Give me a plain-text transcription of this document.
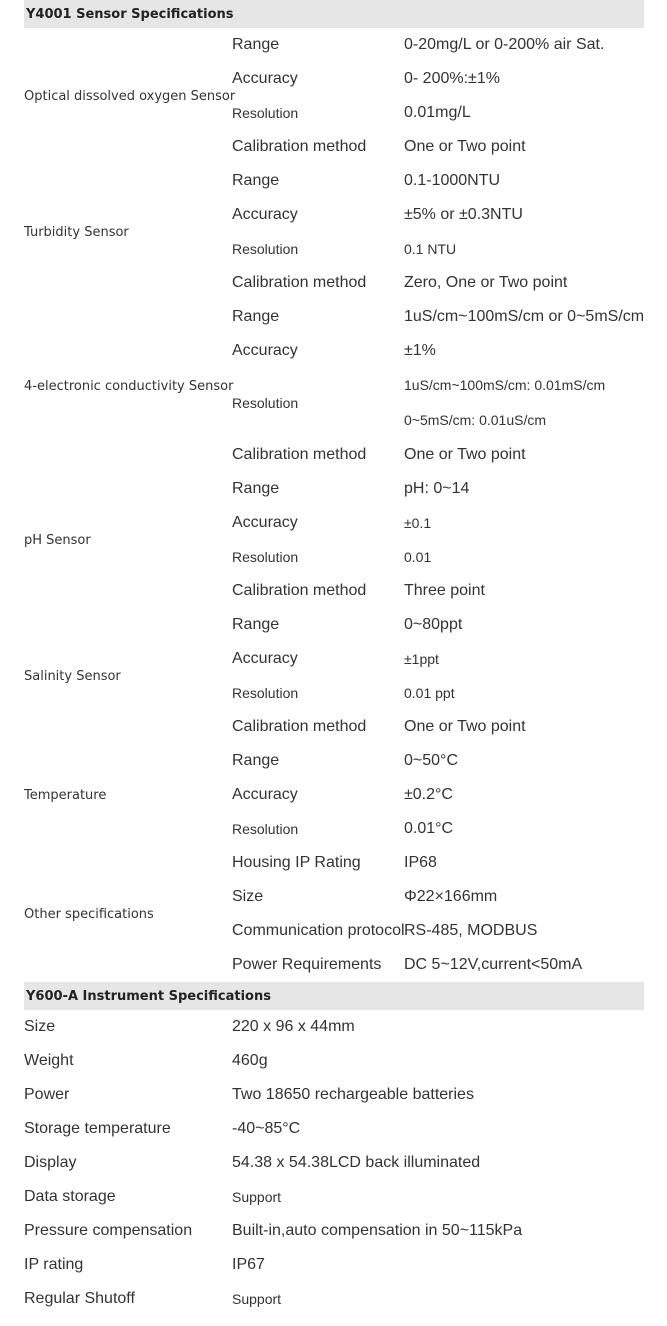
Y4001 Sensor Specifications		
Optical dissolved oxygen Sensor	Range	0-20mg/L or 0-200% air Sat.
	Accuracy	0- 200%:±1%
	Resolution	0.01mg/L
	Calibration method	One or Two point
Turbidity Sensor	Range	0.1-1000NTU
	Accuracy	±5% or ±0.3NTU
	Resolution	0.1 NTU
	Calibration method	Zero, One or Two point
4-electronic conductivity Sensor	Range	1uS/cm~100mS/cm or 0~5mS/cm
	Accuracy	±1%
	Resolution	1uS/cm~100mS/cm: 0.01mS/cm
		0~5mS/cm: 0.01uS/cm
	Calibration method	One or Two point
pH Sensor	Range	pH: 0~14
	Accuracy	±0.1
	Resolution	0.01
	Calibration method	Three point
Salinity Sensor	Range	0~80ppt
	Accuracy	±1ppt
	Resolution	0.01 ppt
	Calibration method	One or Two point
Temperature	Range	0~50°C
	Accuracy	±0.2°C
	Resolution	0.01°C
Other specifications	Housing IP Rating	IP68
	Size	Φ22×166mm
	Communication protocol	RS-485, MODBUS
	Power Requirements	DC 5~12V,current<50mA
Y600-A Instrument Specifications		
Size	220 x 96 x 44mm	
Weight	460g	
Power	Two 18650 rechargeable batteries	
Storage temperature	-40~85°C	
Display	54.38 x 54.38LCD back illuminated	
Data storage	Support	
Pressure compensation	Built-in,auto compensation in 50~115kPa	
IP rating	IP67	
Regular Shutoff	Support	
